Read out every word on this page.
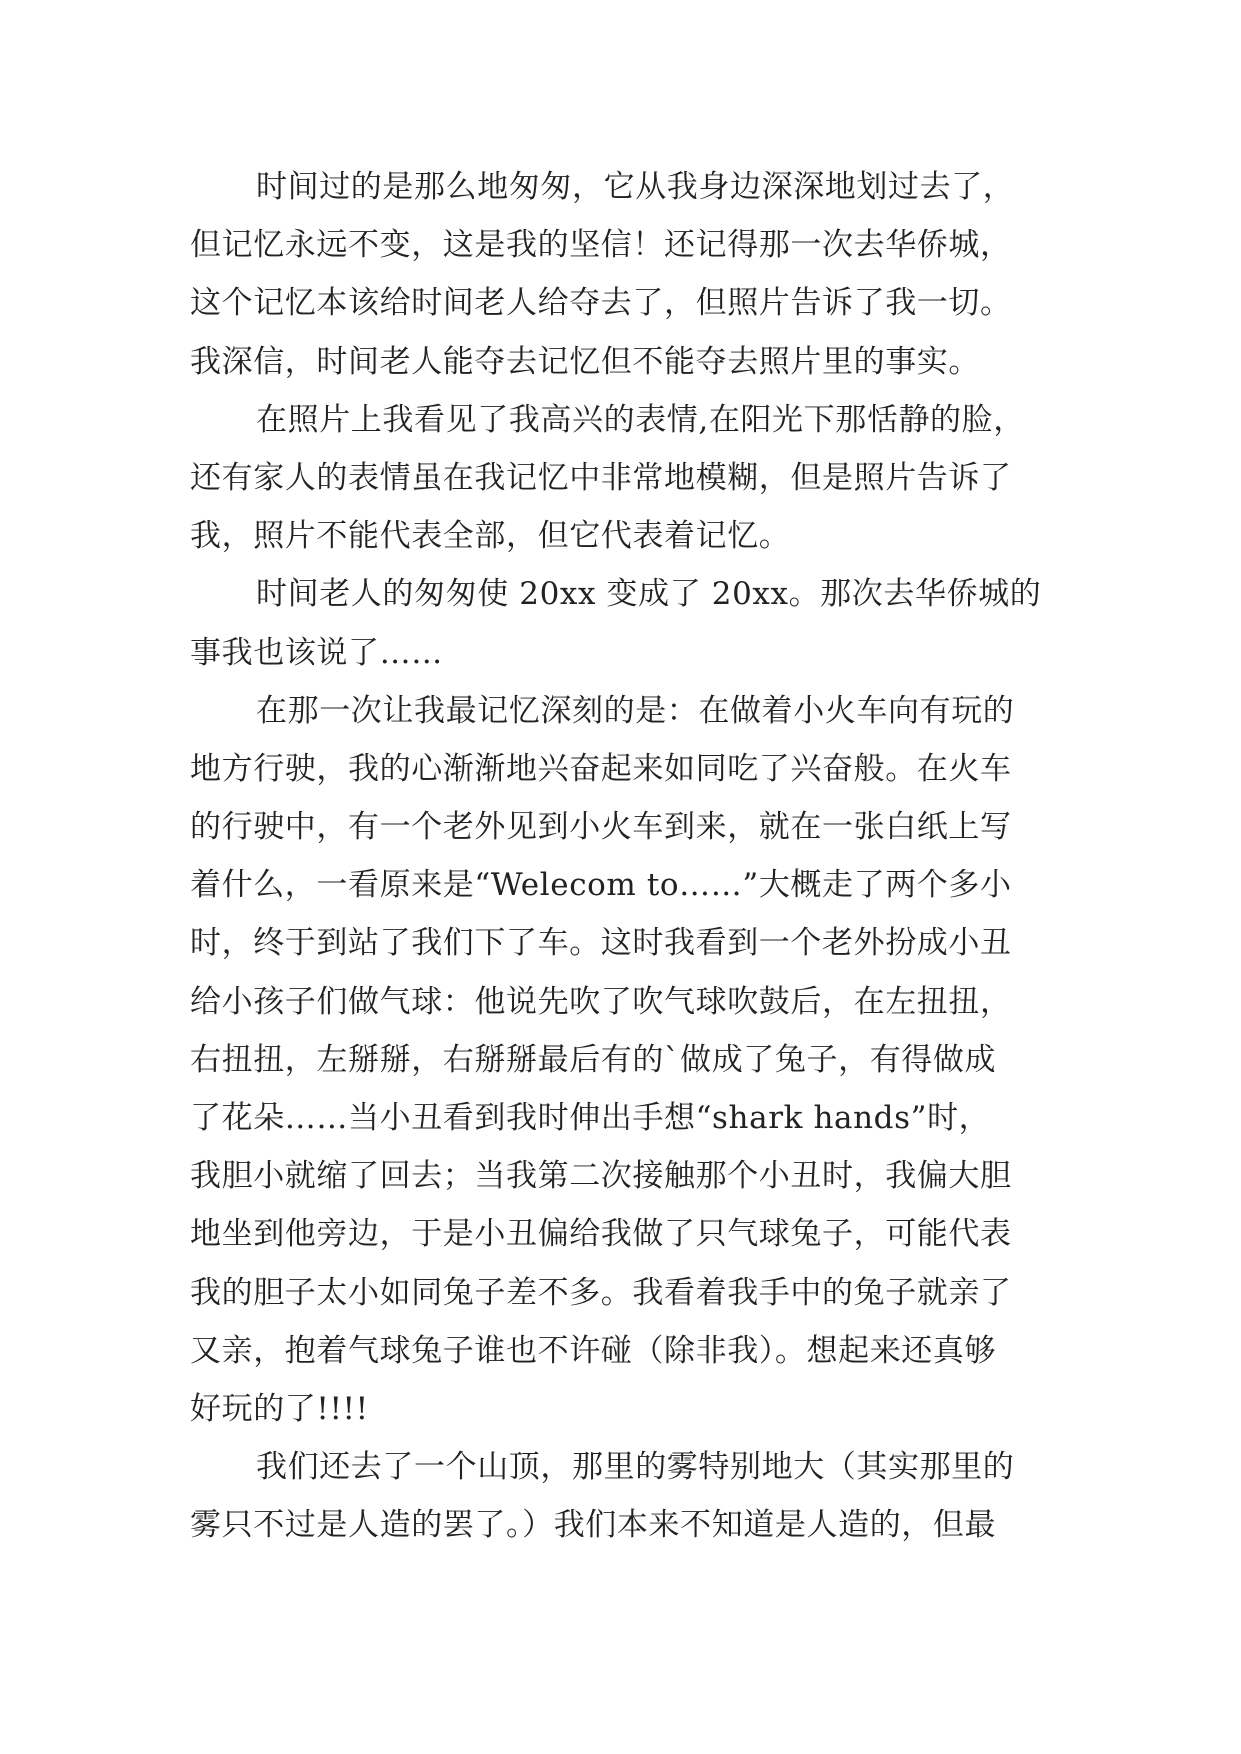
时间过的是那么地匆匆，它从我身边深深地划过去了，
但记忆永远不变，这是我的坚信！还记得那一次去华侨城，
这个记忆本该给时间老人给夺去了，但照片告诉了我一切。
我深信，时间老人能夺去记忆但不能夺去照片里的事实。
在照片上我看见了我高兴的表情,在阳光下那恬静的脸，
还有家人的表情虽在我记忆中非常地模糊，但是照片告诉了
我，照片不能代表全部，但它代表着记忆。
时间老人的匆匆使 20xx 变成了 20xx。那次去华侨城的
事我也该说了……
在那一次让我最记忆深刻的是：在做着小火车向有玩的
地方行驶，我的心渐渐地兴奋起来如同吃了兴奋般。在火车
的行驶中，有一个老外见到小火车到来，就在一张白纸上写
着什么，一看原来是“Welecom to……”大概走了两个多小
时，终于到站了我们下了车。这时我看到一个老外扮成小丑
给小孩子们做气球：他说先吹了吹气球吹鼓后，在左扭扭，
右扭扭，左掰掰，右掰掰最后有的`做成了兔子，有得做成
了花朵……当小丑看到我时伸出手想“shark hands”时，
我胆小就缩了回去；当我第二次接触那个小丑时，我偏大胆
地坐到他旁边，于是小丑偏给我做了只气球兔子，可能代表
我的胆子太小如同兔子差不多。我看着我手中的兔子就亲了
又亲，抱着气球兔子谁也不许碰（除非我）。想起来还真够
好玩的了!!!!
我们还去了一个山顶，那里的雾特别地大（其实那里的
雾只不过是人造的罢了。）我们本来不知道是人造的，但最
